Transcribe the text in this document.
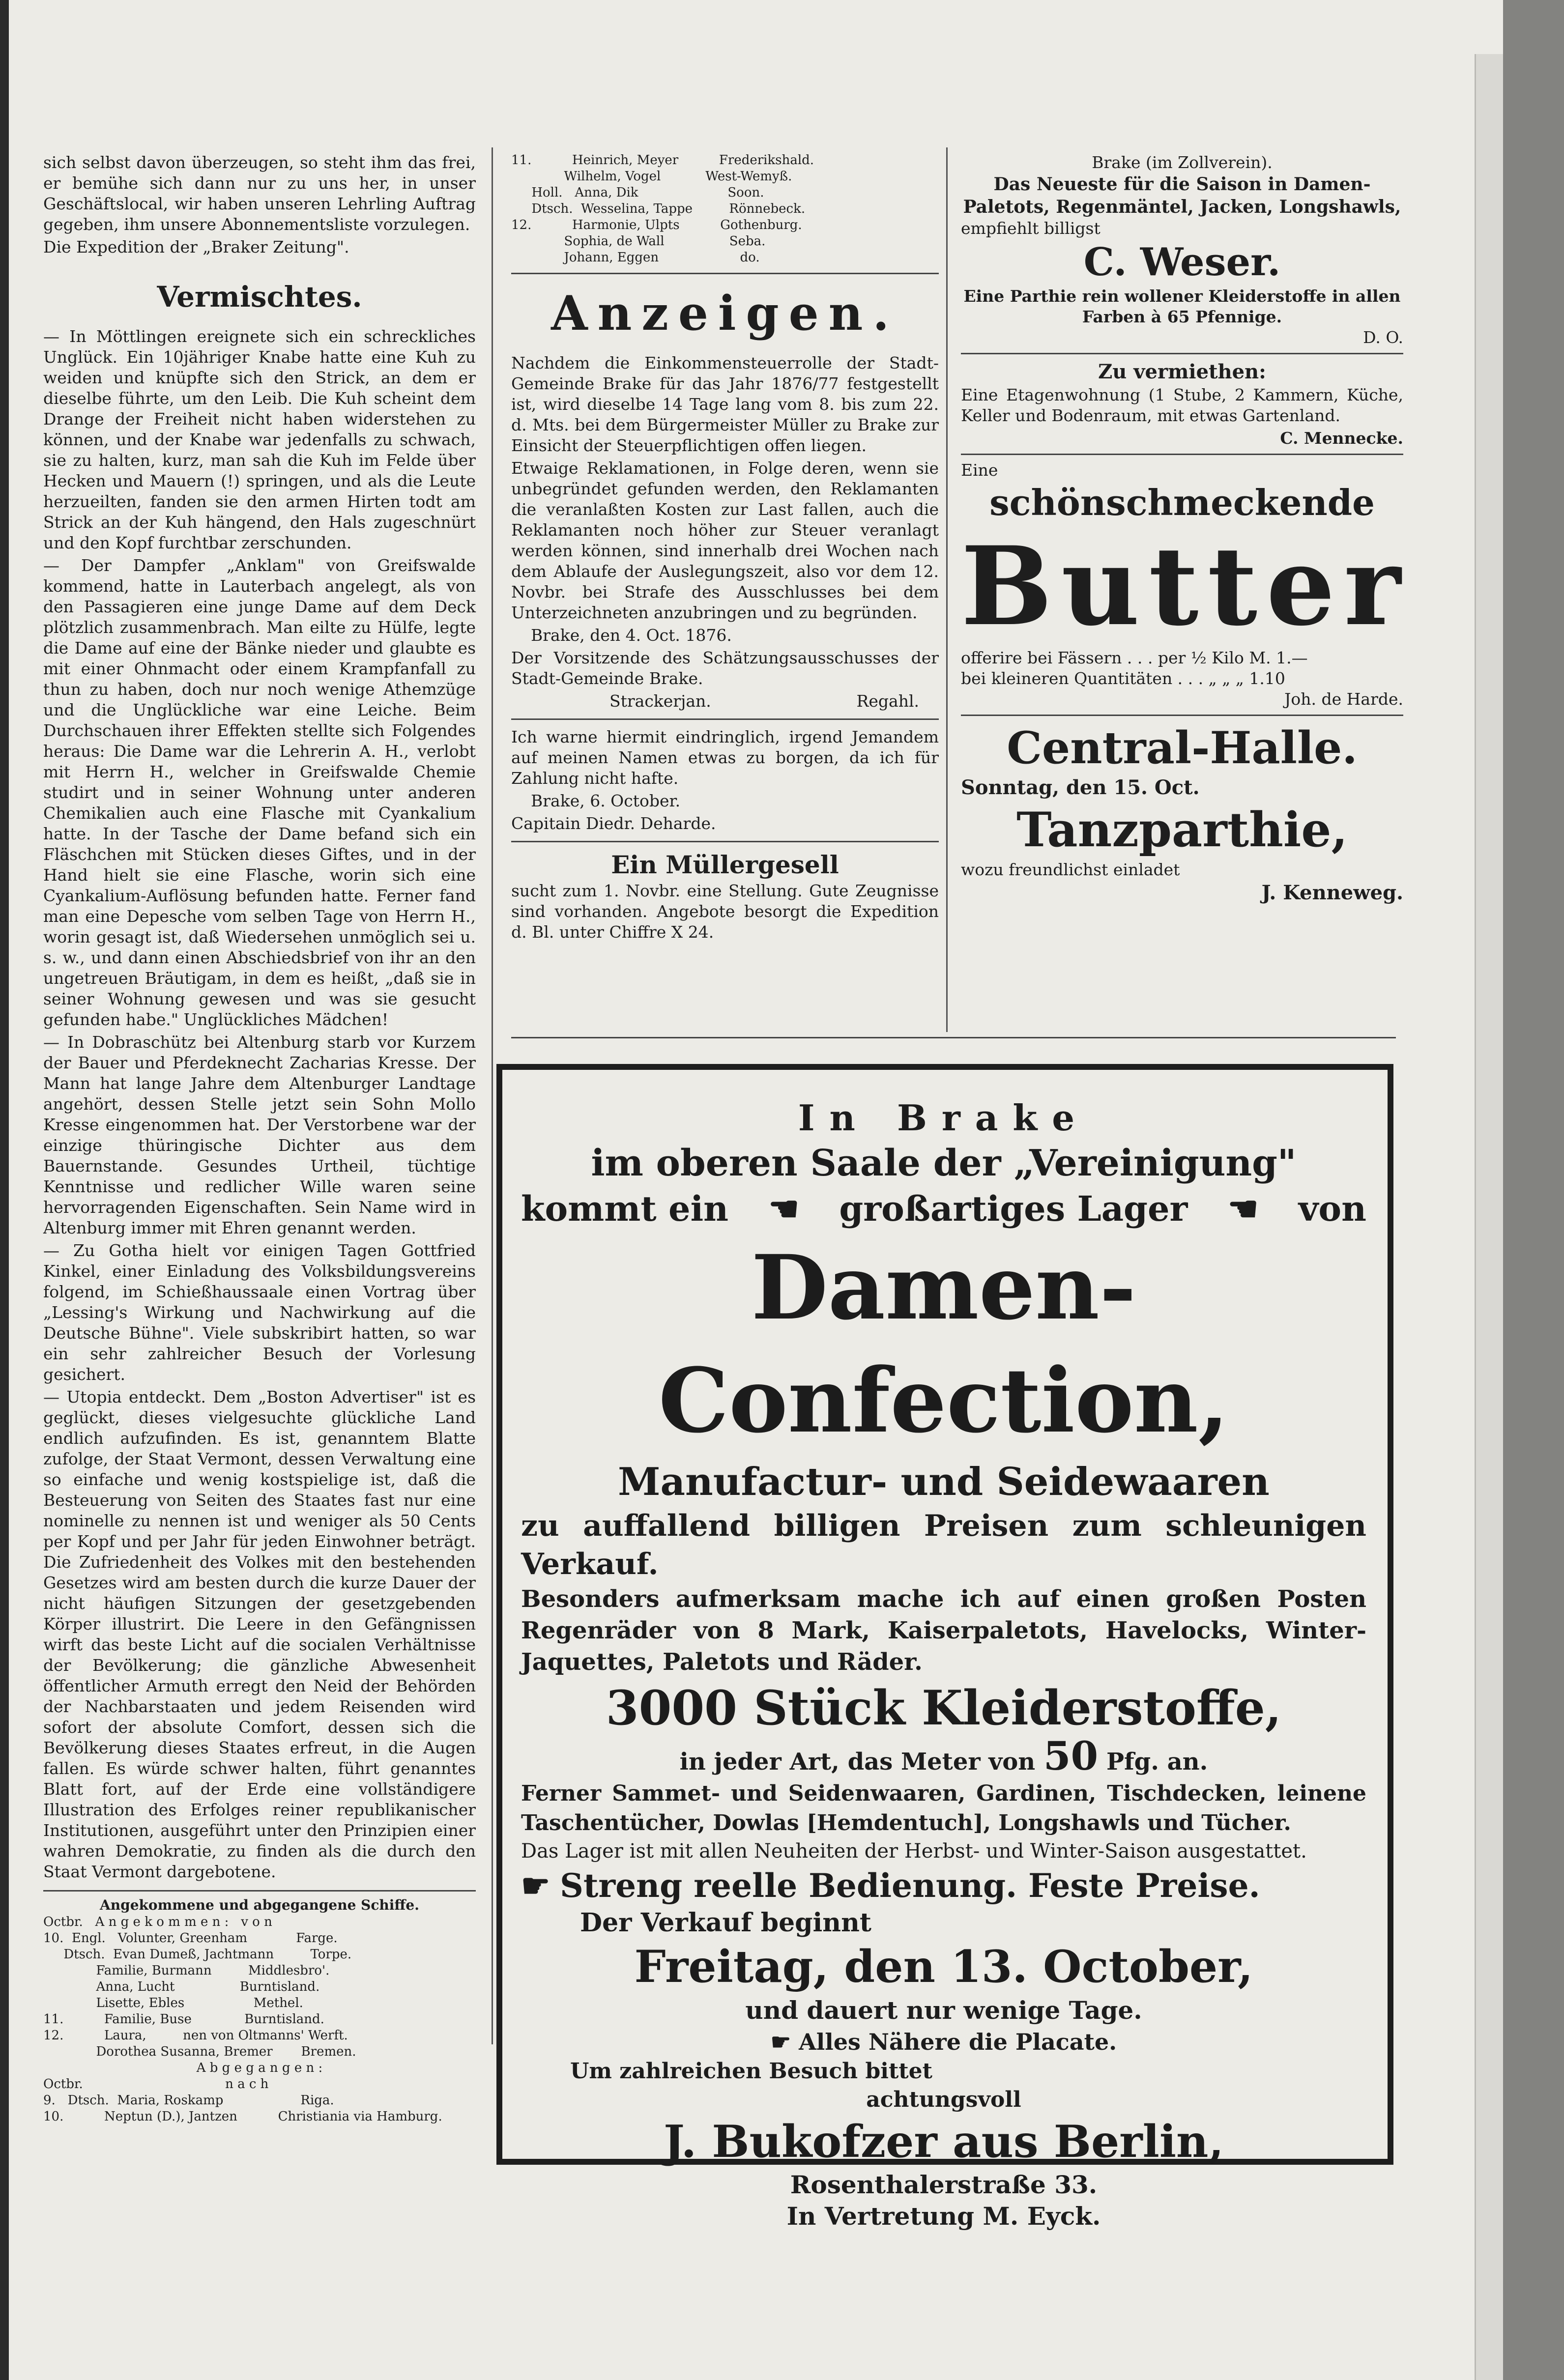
sich selbst davon überzeugen, so steht ihm das frei, er bemühe sich dann nur zu uns her, in unser Geschäftslocal, wir haben unseren Lehrling Auftrag gegeben, ihm unsere Abonnementsliste vorzulegen.

Die Expedition der „Braker Zeitung".

Vermischtes.

— In Möttlingen ereignete sich ein schreckliches Unglück. Ein 10jähriger Knabe hatte eine Kuh zu weiden und knüpfte sich den Strick, an dem er dieselbe führte, um den Leib. Die Kuh scheint dem Drange der Freiheit nicht haben widerstehen zu können, und der Knabe war jedenfalls zu schwach, sie zu halten, kurz, man sah die Kuh im Felde über Hecken und Mauern (!) springen, und als die Leute herzueilten, fanden sie den armen Hirten todt am Strick an der Kuh hängend, den Hals zugeschnürt und den Kopf furchtbar zerschunden.

— Der Dampfer „Anklam" von Greifswalde kommend, hatte in Lauterbach angelegt, als von den Passagieren eine junge Dame auf dem Deck plötzlich zusammenbrach. Man eilte zu Hülfe, legte die Dame auf eine der Bänke nieder und glaubte es mit einer Ohnmacht oder einem Krampfanfall zu thun zu haben, doch nur noch wenige Athemzüge und die Unglückliche war eine Leiche. Beim Durchschauen ihrer Effekten stellte sich Folgendes heraus: Die Dame war die Lehrerin A. H., verlobt mit Herrn H., welcher in Greifswalde Chemie studirt und in seiner Wohnung unter anderen Chemikalien auch eine Flasche mit Cyankalium hatte. In der Tasche der Dame befand sich ein Fläschchen mit Stücken dieses Giftes, und in der Hand hielt sie eine Flasche, worin sich eine Cyankalium-Auflösung befunden hatte. Ferner fand man eine Depesche vom selben Tage von Herrn H., worin gesagt ist, daß Wiedersehen unmöglich sei u. s. w., und dann einen Abschiedsbrief von ihr an den ungetreuen Bräutigam, in dem es heißt, „daß sie in seiner Wohnung gewesen und was sie gesucht gefunden habe." Unglückliches Mädchen!

— In Dobraschütz bei Altenburg starb vor Kurzem der Bauer und Pferdeknecht Zacharias Kresse. Der Mann hat lange Jahre dem Altenburger Landtage angehört, dessen Stelle jetzt sein Sohn Mollo Kresse eingenommen hat. Der Verstorbene war der einzige thüringische Dichter aus dem Bauernstande. Gesundes Urtheil, tüchtige Kenntnisse und redlicher Wille waren seine hervorragenden Eigenschaften. Sein Name wird in Altenburg immer mit Ehren genannt werden.

— Zu Gotha hielt vor einigen Tagen Gottfried Kinkel, einer Einladung des Volksbildungsvereins folgend, im Schießhaussaale einen Vortrag über „Lessing's Wirkung und Nachwirkung auf die Deutsche Bühne". Viele subskribirt hatten, so war ein sehr zahlreicher Besuch der Vorlesung gesichert.

— Utopia entdeckt. Dem „Boston Advertiser" ist es geglückt, dieses vielgesuchte glückliche Land endlich aufzufinden. Es ist, genanntem Blatte zufolge, der Staat Vermont, dessen Verwaltung eine so einfache und wenig kostspielige ist, daß die Besteuerung von Seiten des Staates fast nur eine nominelle zu nennen ist und weniger als 50 Cents per Kopf und per Jahr für jeden Einwohner beträgt. Die Zufriedenheit des Volkes mit den bestehenden Gesetzes wird am besten durch die kurze Dauer der nicht häufigen Sitzungen der gesetzgebenden Körper illustrirt. Die Leere in den Gefängnissen wirft das beste Licht auf die socialen Verhältnisse der Bevölkerung; die gänzliche Abwesenheit öffentlicher Armuth erregt den Neid der Behörden der Nachbarstaaten und jedem Reisenden wird sofort der absolute Comfort, dessen sich die Bevölkerung dieses Staates erfreut, in die Augen fallen. Es würde schwer halten, führt genanntes Blatt fort, auf der Erde eine vollständigere Illustration des Erfolges reiner republikanischer Institutionen, ausgeführt unter den Prinzipien einer wahren Demokratie, zu finden als die durch den Staat Vermont dargebotene.

Angekommene und abgegangene Schiffe.
Octbr.   A n g e k o m m e n :   v o n
10.  Engl.   Volunter, Greenham            Farge.
Dtsch.  Evan Dumeß, Jachtmann         Torpe.
Familie, Burmann         Middlesbro'.
Anna, Lucht                Burntisland.
Lisette, Ebles                 Methel.
11.          Familie, Buse             Burntisland.
12.          Laura,         nen von Oltmanns' Werft.
Dorothea Susanna, Bremer       Bremen.
A b g e g a n g e n :
Octbr.                                   n a c h
9.   Dtsch.  Maria, Roskamp                   Riga.
10.          Neptun (D.), Jantzen          Christiania via Hamburg.
11.          Heinrich, Meyer          Frederikshald.
Wilhelm, Vogel           West-Wemyß.
Holl.   Anna, Dik                      Soon.
Dtsch.  Wesselina, Tappe         Rönnebeck.
12.          Harmonie, Ulpts          Gothenburg.
Sophia, de Wall                Seba.
Johann, Eggen                    do.
Anzeigen.

Nachdem die Einkommensteuerrolle der Stadt-Gemeinde Brake für das Jahr 1876/77 festgestellt ist, wird dieselbe 14 Tage lang vom 8. bis zum 22. d. Mts. bei dem Bürgermeister Müller zu Brake zur Einsicht der Steuerpflichtigen offen liegen.

Etwaige Reklamationen, in Folge deren, wenn sie unbegründet gefunden werden, den Reklamanten die veranlaßten Kosten zur Last fallen, auch die Reklamanten noch höher zur Steuer veranlagt werden können, sind innerhalb drei Wochen nach dem Ablaufe der Auslegungszeit, also vor dem 12. Novbr. bei Strafe des Ausschlusses bei dem Unterzeichneten anzubringen und zu begründen.

Brake, den 4. Oct. 1876.

Der Vorsitzende des Schätzungsausschusses der Stadt-Gemeinde Brake.

Strackerjan.	Regahl.

Ich warne hiermit eindringlich, irgend Jemandem auf meinen Namen etwas zu borgen, da ich für Zahlung nicht hafte.

Brake, 6. October.

Capitain Diedr. Deharde.

Ein Müllergesell

sucht zum 1. Novbr. eine Stellung. Gute Zeugnisse sind vorhanden. Angebote besorgt die Expedition d. Bl. unter Chiffre X 24.

Brake (im Zollverein).
Das Neueste für die Saison in Damen-Paletots, Regenmäntel, Jacken, Longshawls,
empfiehlt billigst
C. Weser.
Eine Parthie rein wollener Kleiderstoffe in allen Farben à 65 Pfennige.
D. O.
Zu vermiethen:

Eine Etagenwohnung (1 Stube, 2 Kammern, Küche, Keller und Bodenraum, mit etwas Gartenland.

C. Mennecke.
Eine
schönschmeckende
Butter
offerire bei Fässern . . . per ½ Kilo M. 1.—
bei kleineren Quantitäten . . . „ „ „ 1.10
Joh. de Harde.
Central-Halle.
Sonntag, den 15. Oct.
Tanzparthie,
wozu freundlichst einladet
J. Kenneweg.
In Brake
im oberen Saale der „Vereinigung"
kommt ein ☚ großartiges Lager ☚ von
Damen-Confection,
Manufactur- und Seidewaaren
zu auffallend billigen Preisen zum schleunigen Verkauf.
Besonders aufmerksam mache ich auf einen großen Posten Regenräder von 8 Mark, Kaiserpaletots, Havelocks, Winter-Jaquettes, Paletots und Räder.
3000 Stück Kleiderstoffe,
in jeder Art, das Meter von 50 Pfg. an.
Ferner Sammet- und Seidenwaaren, Gardinen, Tischdecken, leinene Taschentücher, Dowlas [Hemdentuch], Longshawls und Tücher.
Das Lager ist mit allen Neuheiten der Herbst- und Winter-Saison ausgestattet.
☛ Streng reelle Bedienung. Feste Preise.
Der Verkauf beginnt
Freitag, den 13. October,
und dauert nur wenige Tage.
☛ Alles Nähere die Placate.
Um zahlreichen Besuch bittet
achtungsvoll
J. Bukofzer aus Berlin,
Rosenthalerstraße 33.
In Vertretung M. Eyck.
